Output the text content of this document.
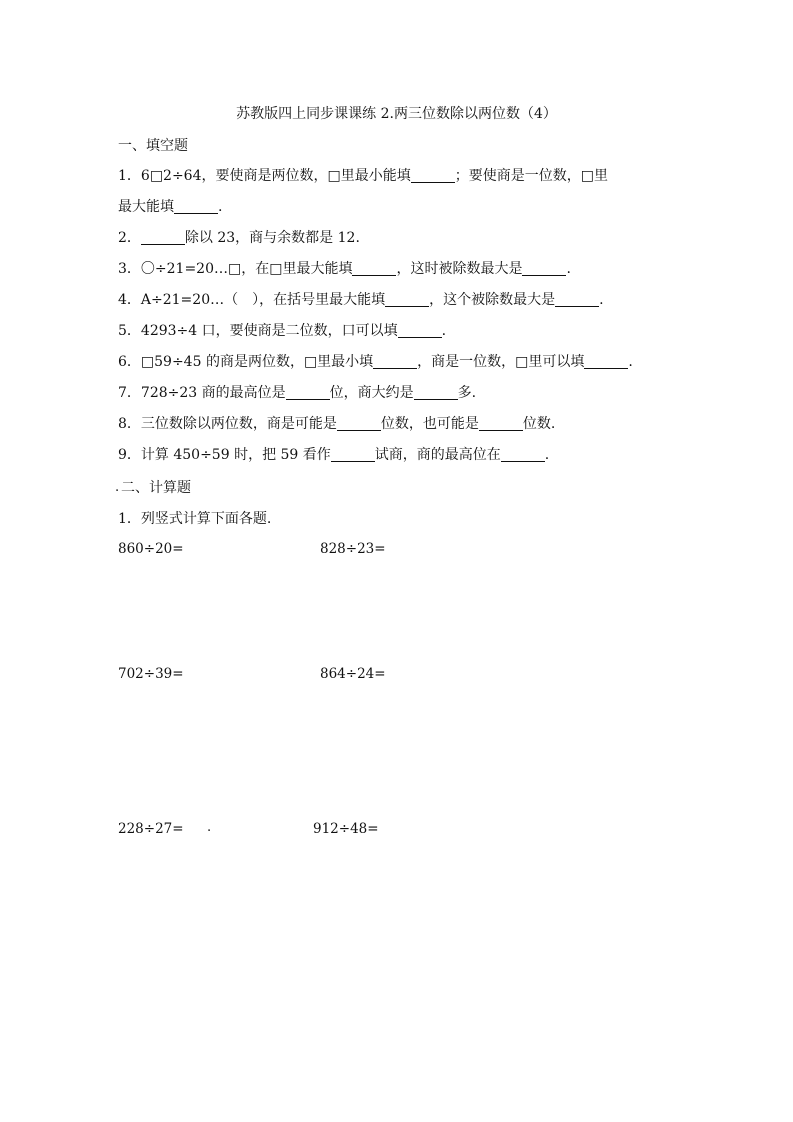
苏教版四上同步课课练 2.两三位数除以两位数（4）
一、填空题
1．6□2÷64，要使商是两位数，□里最小能填	；要使商是一位数，□里
最大能填	.
2．	除以 23，商与余数都是 12.
3．〇÷21=20…□，在□里最大能填	，这时被除数最大是	.
4．A÷21=20…（　），在括号里最大能填	，这个被除数最大是	.
5．4293÷4 口，要使商是二位数，口可以填	.
6．□59÷45 的商是两位数，□里最小填	，商是一位数，□里可以填	.
7．728÷23 商的最高位是	位，商大约是	多.
8．三位数除以两位数，商是可能是	位数，也可能是	位数.
9．计算 450÷59 时，把 59 看作	试商，商的最高位在	.
. 二、计算题
1．列竖式计算下面各题.
860÷20=	828÷23=
702÷39=	864÷24=
228÷27= .	912÷48=
